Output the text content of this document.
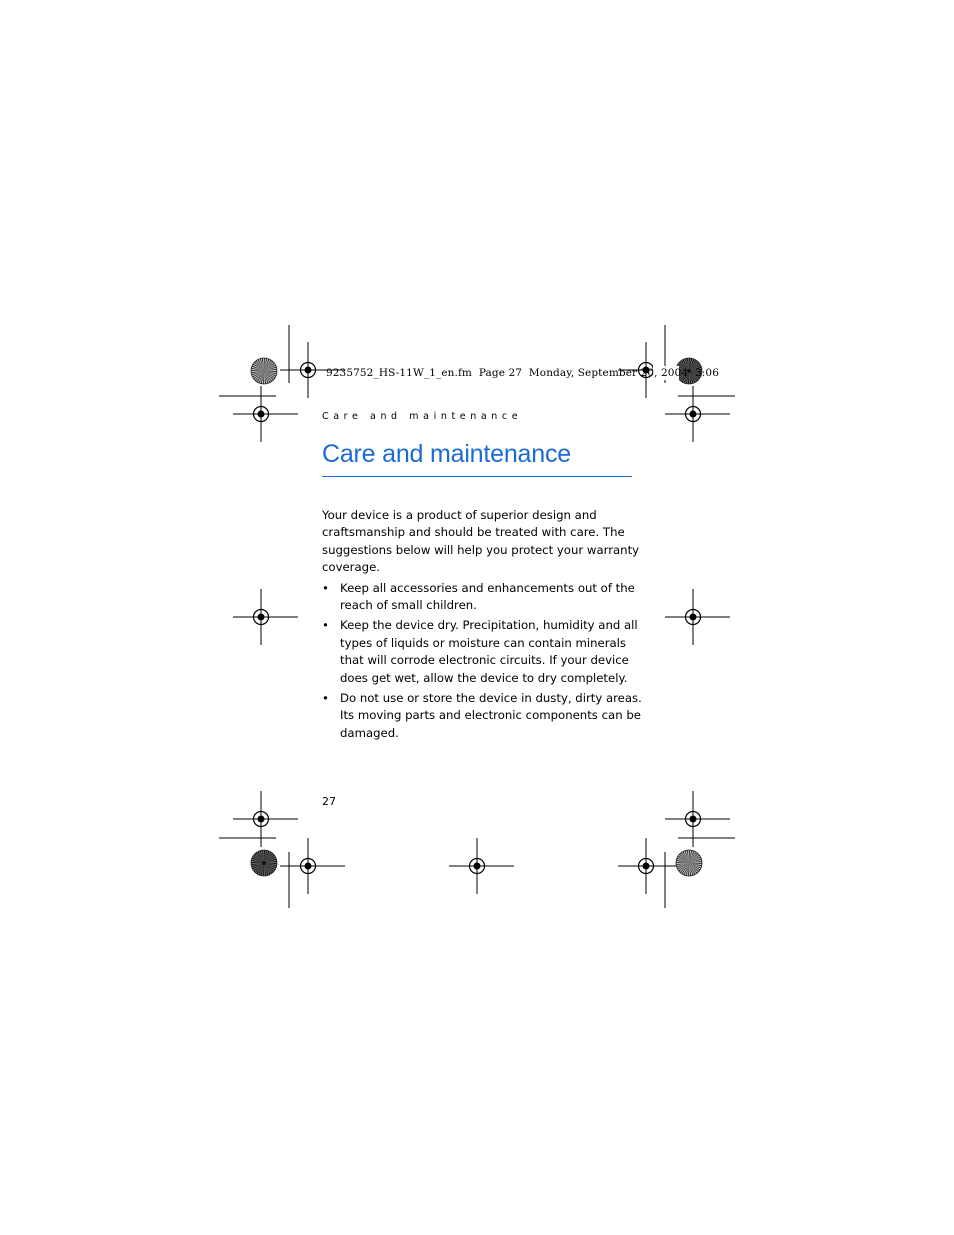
9235752_HS-11W_1_en.fm  Page 27  Monday, September 20, 2004  3:06
Care and maintenance
Care and maintenance

Your device is a product of superior design and craftsmanship and should be treated with care. The suggestions below will help you protect your warranty coverage.

• Keep all accessories and enhancements out of the reach of small children.
• Keep the device dry. Precipitation, humidity and all types of liquids or moisture can contain minerals that will corrode electronic circuits. If your device does get wet, allow the device to dry completely.
• Do not use or store the device in dusty, dirty areas. Its moving parts and electronic components can be damaged.
27
